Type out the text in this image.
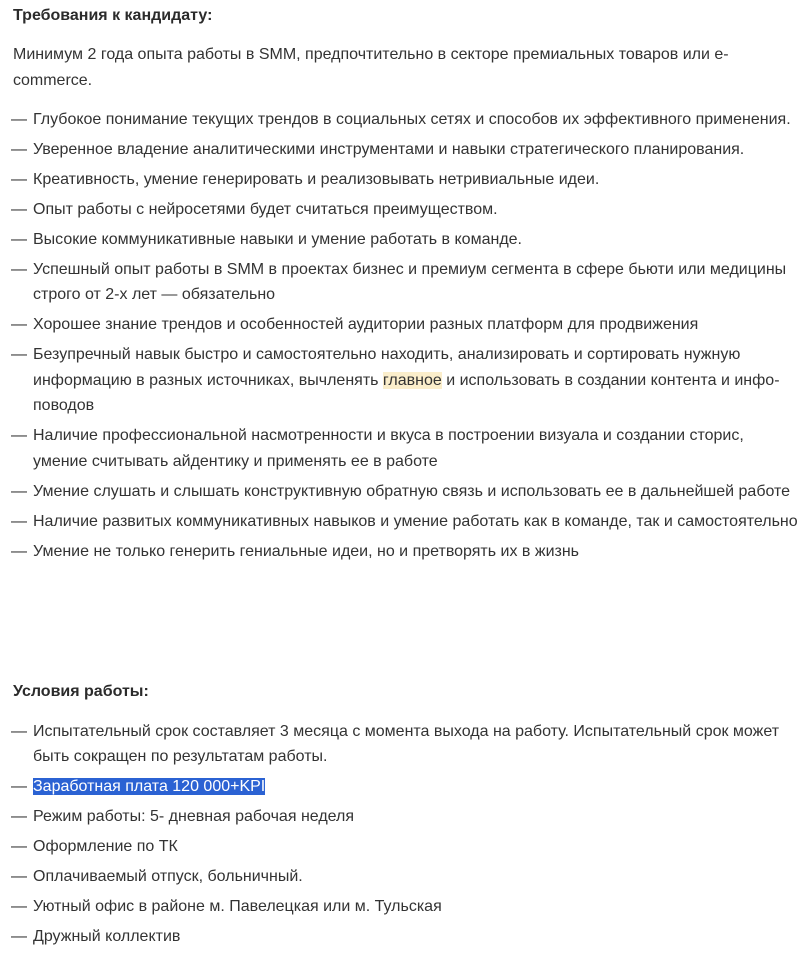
Требования к кандидату:
Минимум 2 года опыта работы в SMM, предпочтительно в секторе премиальных товаров или e-commerce.
— Глубокое понимание текущих трендов в социальных сетях и способов их эффективного применения.
— Уверенное владение аналитическими инструментами и навыки стратегического планирования.
— Креативность, умение генерировать и реализовывать нетривиальные идеи.
— Опыт работы с нейросетями будет считаться преимуществом.
— Высокие коммуникативные навыки и умение работать в команде.
— Успешный опыт работы в SMM в проектах бизнес и премиум сегмента в сфере бьюти или медицины строго от 2-х лет — обязательно
— Хорошее знание трендов и особенностей аудитории разных платформ для продвижения
— Безупречный навык быстро и самостоятельно находить, анализировать и сортировать нужную информацию в разных источниках, вычленять главное и использовать в создании контента и инфо-поводов
— Наличие профессиональной насмотренности и вкуса в построении визуала и создании сторис, умение считывать айдентику и применять ее в работе
— Умение слушать и слышать конструктивную обратную связь и использовать ее в дальнейшей работе
— Наличие развитых коммуникативных навыков и умение работать как в команде, так и самостоятельно
— Умение не только генерить гениальные идеи, но и претворять их в жизнь
Условия работы:
— Испытательный срок составляет 3 месяца с момента выхода на работу. Испытательный срок может быть сокращен по результатам работы.
— Заработная плата 120 000+KPI
— Режим работы: 5- дневная рабочая неделя
— Оформление по ТК
— Оплачиваемый отпуск, больничный.
— Уютный офис в районе м. Павелецкая или м. Тульская
— Дружный коллектив
